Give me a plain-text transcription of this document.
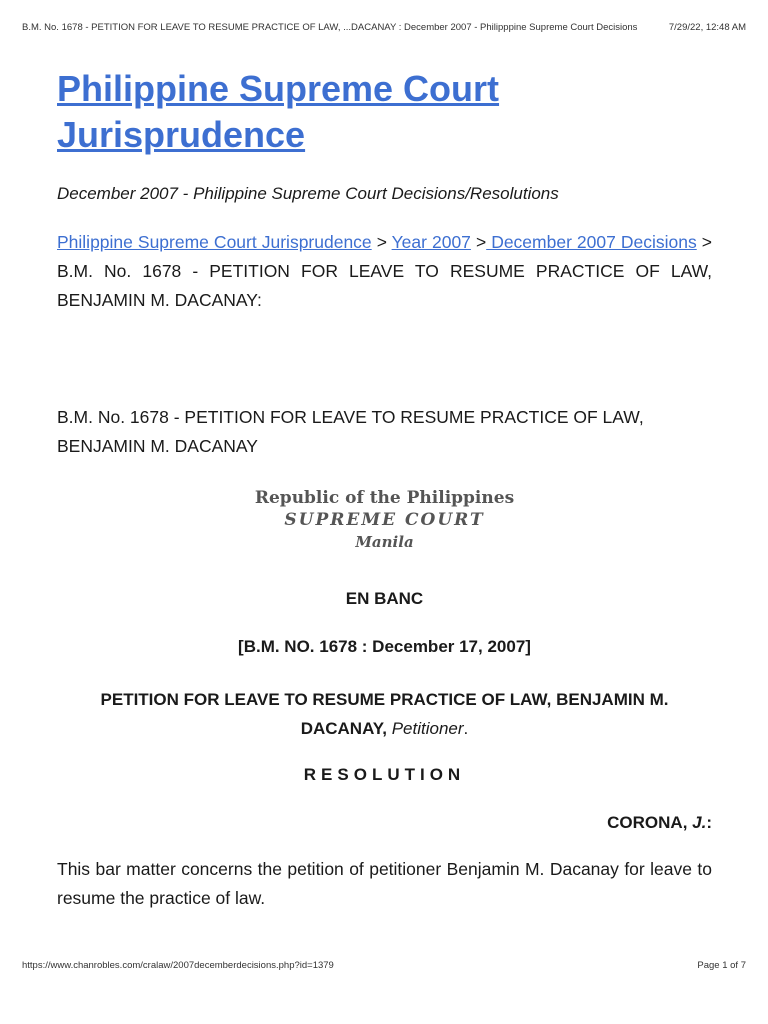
B.M. No. 1678 - PETITION FOR LEAVE TO RESUME PRACTICE OF LAW, ...DACANAY : December 2007 - Philipppine Supreme Court Decisions	7/29/22, 12:48 AM
Philippine Supreme Court Jurisprudence
December 2007 - Philippine Supreme Court Decisions/Resolutions
Philippine Supreme Court Jurisprudence > Year 2007 > December 2007 Decisions > B.M. No. 1678 - PETITION FOR LEAVE TO RESUME PRACTICE OF LAW, BENJAMIN M. DACANAY:
B.M. No. 1678 - PETITION FOR LEAVE TO RESUME PRACTICE OF LAW, BENJAMIN M. DACANAY
Republic of the Philippines
SUPREME COURT
Manila
EN BANC
[B.M. NO. 1678 : December 17, 2007]
PETITION FOR LEAVE TO RESUME PRACTICE OF LAW, BENJAMIN M. DACANAY, Petitioner.
RESOLUTION
CORONA, J.:
This bar matter concerns the petition of petitioner Benjamin M. Dacanay for leave to resume the practice of law.
https://www.chanrobles.com/cralaw/2007decemberdecisions.php?id=1379	Page 1 of 7
